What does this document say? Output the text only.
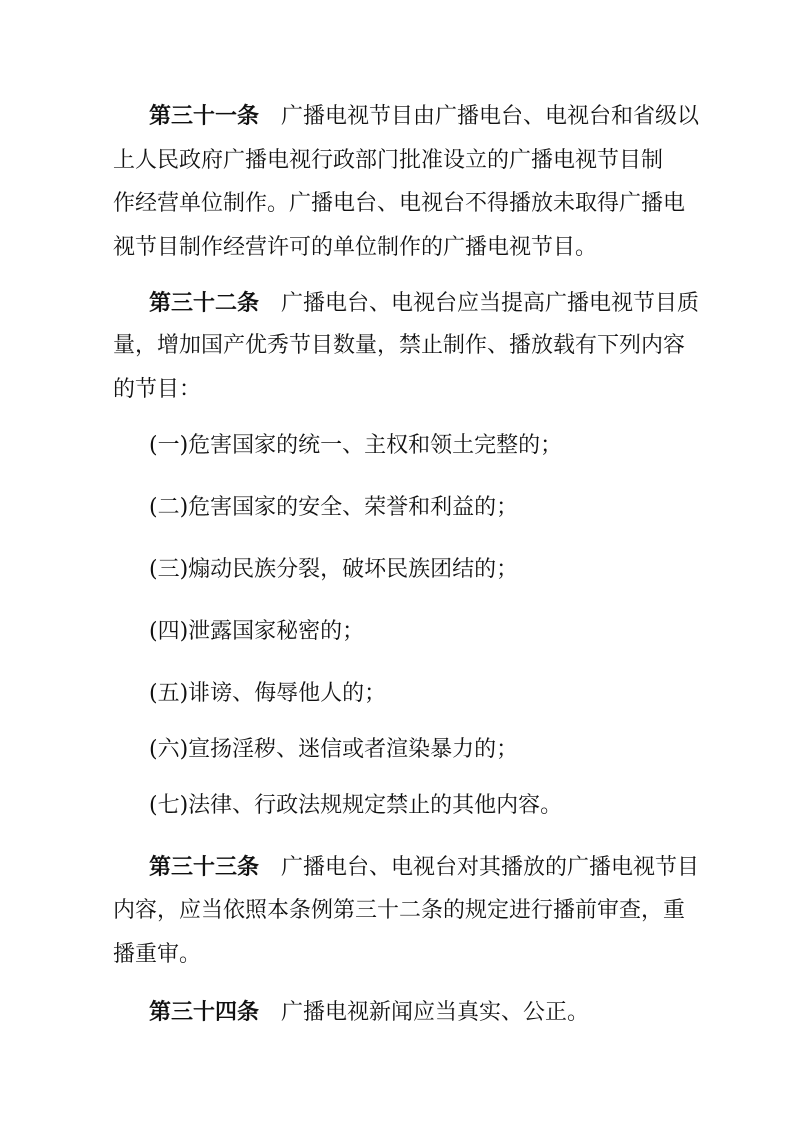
第三十一条 广播电视节目由广播电台、电视台和省级以

上人民政府广播电视行政部门批准设立的广播电视节目制

作经营单位制作。广播电台、电视台不得播放未取得广播电

视节目制作经营许可的单位制作的广播电视节目。

第三十二条 广播电台、电视台应当提高广播电视节目质

量，增加国产优秀节目数量，禁止制作、播放载有下列内容

的节目：

(一)危害国家的统一、主权和领土完整的；

(二)危害国家的安全、荣誉和利益的；

(三)煽动民族分裂，破坏民族团结的；

(四)泄露国家秘密的；

(五)诽谤、侮辱他人的；

(六)宣扬淫秽、迷信或者渲染暴力的；

(七)法律、行政法规规定禁止的其他内容。

第三十三条 广播电台、电视台对其播放的广播电视节目

内容，应当依照本条例第三十二条的规定进行播前审查，重

播重审。

第三十四条 广播电视新闻应当真实、公正。
